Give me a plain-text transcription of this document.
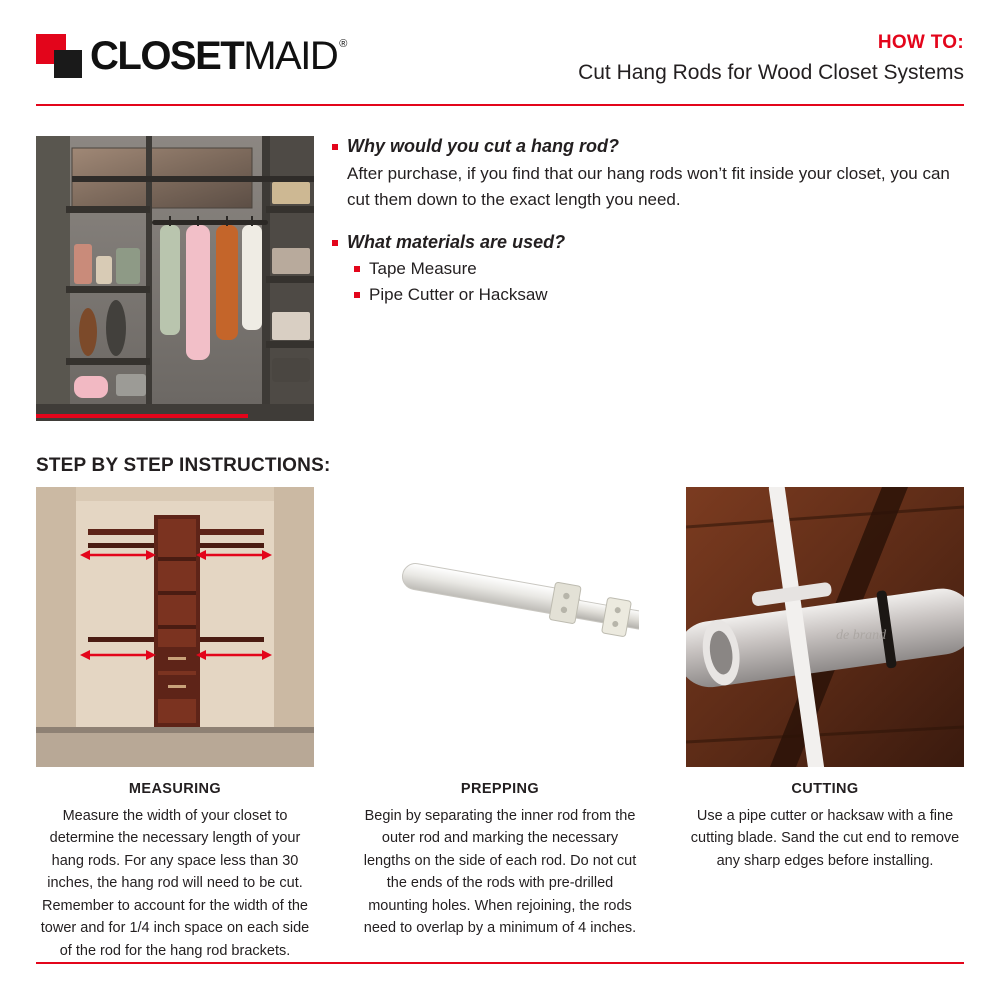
CLOSET MAID ®	HOW TO:
Cut Hang Rods for Wood Closet Systems
Why would you cut a hang rod?
After purchase, if you find that our hang rods won’t fit inside your closet, you can cut them down to the exact length you need.
What materials are used?
Tape Measure
Pipe Cutter or Hacksaw
STEP BY STEP INSTRUCTIONS:
MEASURING
Measure the width of your closet to determine the necessary length of your hang rods. For any space less than 30 inches, the hang rod will need to be cut. Remember to account for the width of the tower and for 1/4 inch space on each side of the rod for the hang rod brackets.
PREPPING
Begin by separating the inner rod from the outer rod and marking the necessary lengths on the side of each rod. Do not cut the ends of the rods with pre-drilled mounting holes. When rejoining, the rods need to overlap by a minimum of 4 inches.
de brand
CUTTING
Use a pipe cutter or hacksaw with a fine cutting blade. Sand the cut end to remove any sharp edges before installing.
